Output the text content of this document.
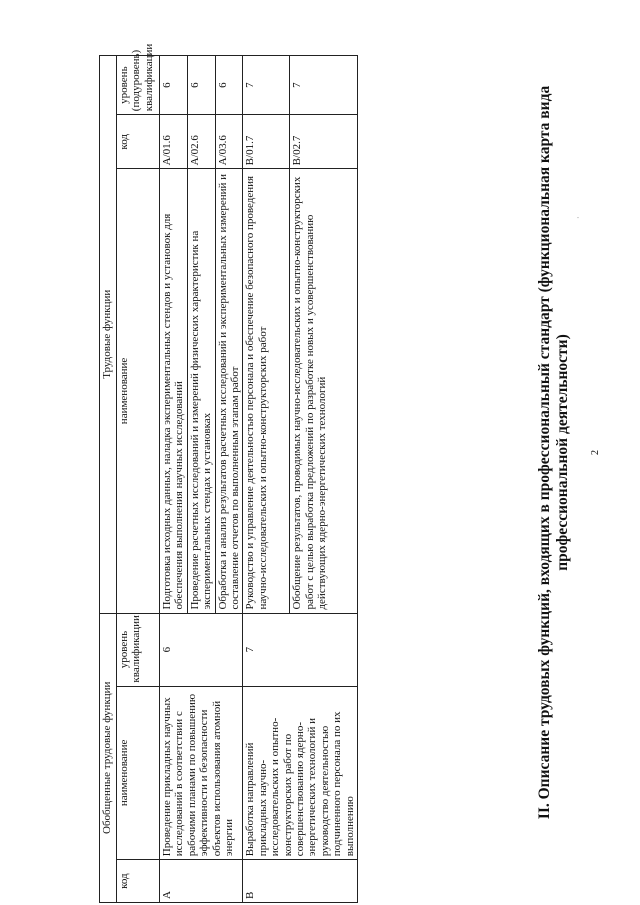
2
·
II. Описание трудовых функций, входящих в профессиональный стандарт (функциональная карта вида профессиональной деятельности)
Обобщенные трудовые функции			Трудовые функции		
код	наименование	уровень квалификации	наименование	код	уровень (подуровень) квалификации
A	Проведение прикладных научных исследований в соответствии с рабочими планами по повышению эффективности и безопасности объектов использования атомной энергии	6	Подготовка исходных данных, наладка экспериментальных стендов и установок для обеспечения выполнения научных исследований	A/01.6	6
			Проведение расчетных исследований и измерений физических характеристик на экспериментальных стендах и установках	A/02.6	6
			Обработка и анализ результатов расчетных исследований и экспериментальных измерений и составление отчетов по выполненным этапам работ	A/03.6	6
B	Выработка направлений прикладных научно-исследовательских и опытно-конструкторских работ по совершенствованию ядерно-энергетических технологий и руководство деятельностью подчиненного персонала по их выполнению	7	Руководство и управление деятельностью персонала и обеспечение безопасного проведения научно-исследовательских и опытно-конструкторских работ	B/01.7	7
			Обобщение результатов, проводимых научно-исследовательских и опытно-конструкторских работ с целью выработка предложений по разработке новых и усовершенствованию действующих ядерно-энергетических технологий	B/02.7	7
